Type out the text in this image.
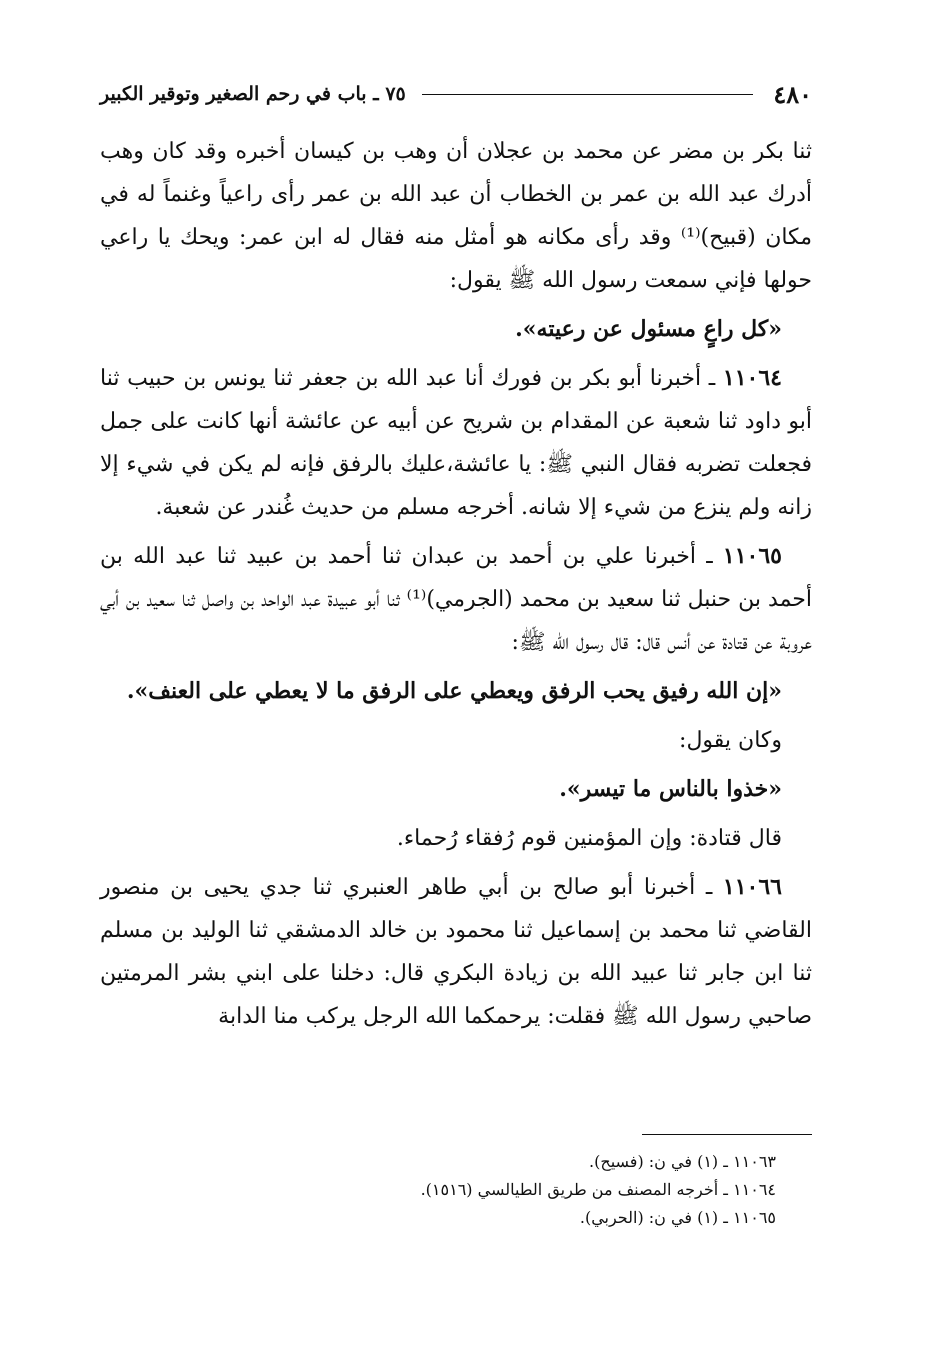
٤٨٠
٧٥ ـ باب في رحم الصغير وتوقير الكبير

ثنا بكر بن مضر عن محمد بن عجلان أن وهب بن كيسان أخبره وقد كان وهب أدرك عبد الله بن عمر بن الخطاب أن عبد الله بن عمر رأى راعياً وغنماً له في مكان (قبيح)⁽¹⁾ وقد رأى مكانه هو أمثل منه فقال له ابن عمر: ويحك يا راعي حولها فإني سمعت رسول الله ﷺ يقول:

«كل راعٍ مسئول عن رعيته».

١١٠٦٤ ـ أخبرنا أبو بكر بن فورك أنا عبد الله بن جعفر ثنا يونس بن حبيب ثنا أبو داود ثنا شعبة عن المقدام بن شريح عن أبيه عن عائشة أنها كانت على جمل فجعلت تضربه فقال النبي ﷺ: يا عائشة،عليك بالرفق فإنه لم يكن في شيء إلا زانه ولم ينزع من شيء إلا شانه. أخرجه مسلم من حديث غُندر عن شعبة.

١١٠٦٥ ـ أخبرنا علي بن أحمد بن عبدان ثنا أحمد بن عبيد ثنا عبد الله بن أحمد بن حنبل ثنا سعيد بن محمد (الجرمي)⁽¹⁾ ثنا أبو عبيدة عبد الواحد بن واصل ثنا سعيد بن أبي عروبة عن قتادة عن أنس قال: قال رسول الله ﷺ:

«إن الله رفيق يحب الرفق ويعطي على الرفق ما لا يعطي على العنف».

وكان يقول:

«خذوا بالناس ما تيسر».

قال قتادة: وإن المؤمنين قوم رُفقاء رُحماء.

١١٠٦٦ ـ أخبرنا أبو صالح بن أبي طاهر العنبري ثنا جدي يحيى بن منصور القاضي ثنا محمد بن إسماعيل ثنا محمود بن خالد الدمشقي ثنا الوليد بن مسلم ثنا ابن جابر ثنا عبيد الله بن زيادة البكري قال: دخلنا على ابني بشر المرمتين صاحبي رسول الله ﷺ فقلت: يرحمكما الله الرجل يركب منا الدابة

١١٠٦٣ ـ (١) في ن: (فسيح).
١١٠٦٤ ـ أخرجه المصنف من طريق الطيالسي (١٥١٦).
١١٠٦٥ ـ (١) في ن: (الحربي).
